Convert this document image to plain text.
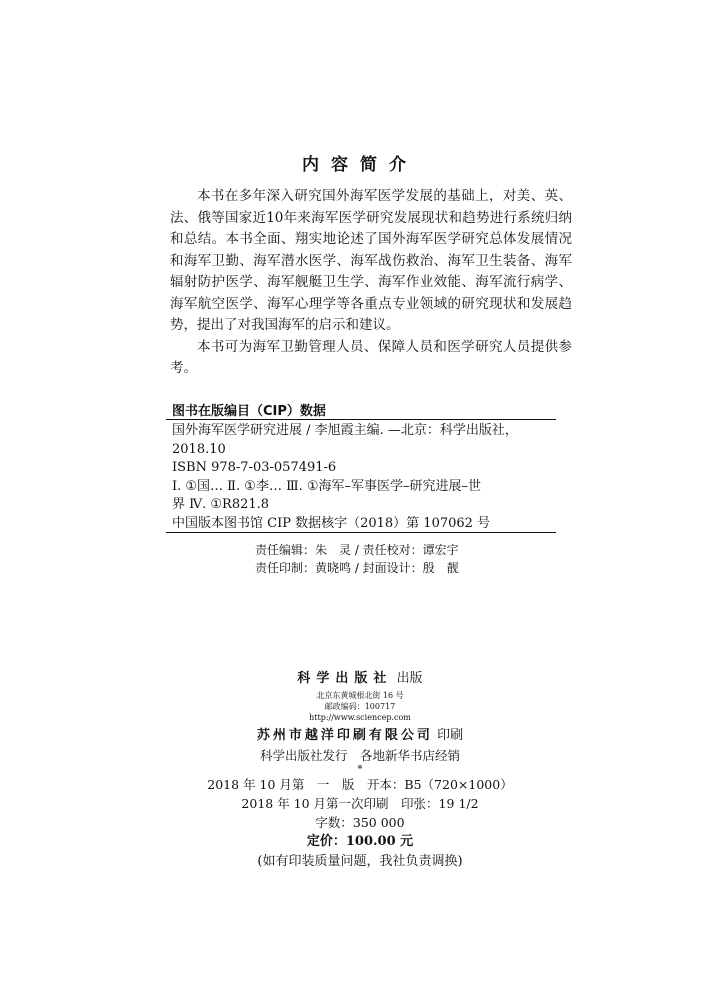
内容简介

本书在多年深入研究国外海军医学发展的基础上，对美、英、法、俄等国家近10年来海军医学研究发展现状和趋势进行系统归纳和总结。本书全面、翔实地论述了国外海军医学研究总体发展情况和海军卫勤、海军潜水医学、海军战伤救治、海军卫生装备、海军辐射防护医学、海军舰艇卫生学、海军作业效能、海军流行病学、海军航空医学、海军心理学等各重点专业领域的研究现状和发展趋势，提出了对我国海军的启示和建议。

本书可为海军卫勤管理人员、保障人员和医学研究人员提供参考。

图书在版编目（CIP）数据
国外海军医学研究进展 / 李旭霞主编. —北京：科学出版社，
2018.10
ISBN 978-7-03-057491-6
Ⅰ. ①国… Ⅱ. ①李… Ⅲ. ①海军–军事医学–研究进展–世
界 Ⅳ. ①R821.8
中国版本图书馆 CIP 数据核字（2018）第 107062 号
责任编辑：朱　灵 / 责任校对：谭宏宇
责任印制：黄晓鸣 / 封面设计：殷　靓
科学出版社 出版
北京东黄城根北街 16 号
邮政编码：100717
http://www.sciencep.com
苏州市越洋印刷有限公司 印刷
科学出版社发行　各地新华书店经销
*
2018 年 10 月第　一　版　开本：B5（720×1000）
2018 年 10 月第一次印刷　印张：19 1/2
字数：350 000
定价：100.00 元
(如有印装质量问题，我社负责调换)
